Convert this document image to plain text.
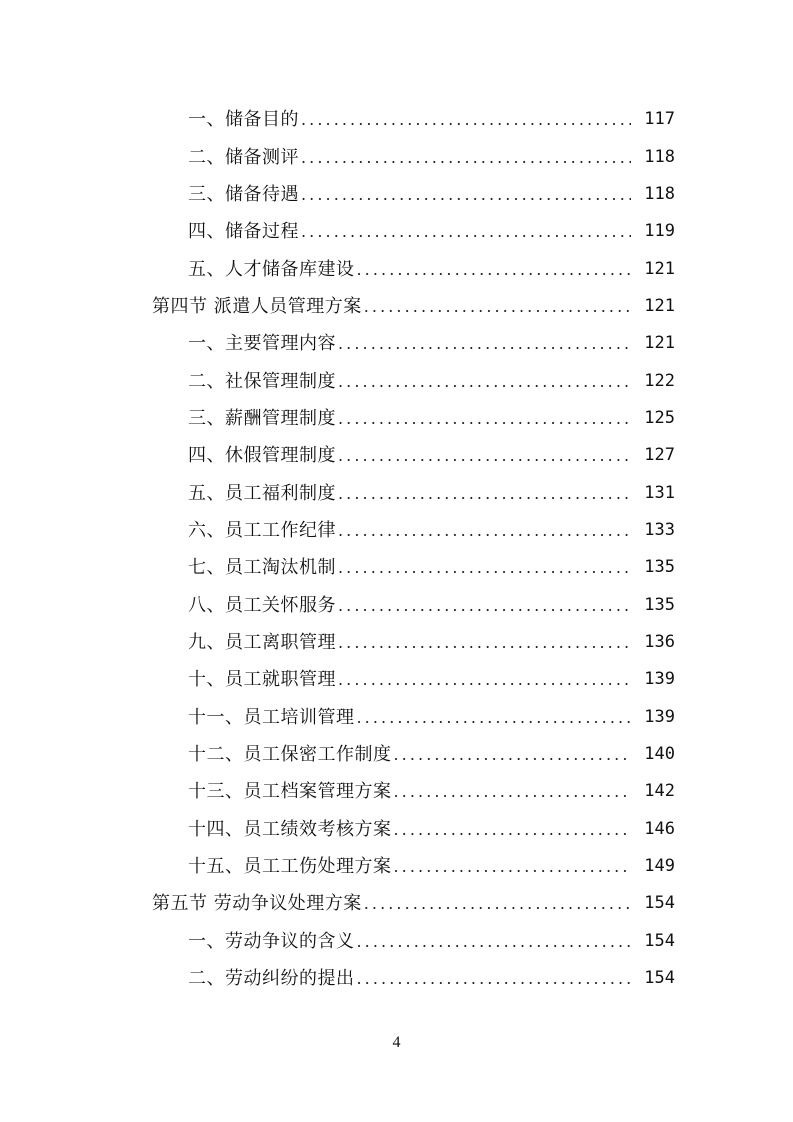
一、储备目的 . . .	117
二、储备测评 . . .	118
三、储备待遇 . . .	118
四、储备过程 . . .	119
五、人才储备库建设 . . .	121
第四节 派遣人员管理方案 . . .	121
一、主要管理内容 . . .	121
二、社保管理制度 . . .	122
三、薪酬管理制度 . . .	125
四、休假管理制度 . . .	127
五、员工福利制度 . . .	131
六、员工工作纪律 . . .	133
七、员工淘汰机制 . . .	135
八、员工关怀服务 . . .	135
九、员工离职管理 . . .	136
十、员工就职管理 . . .	139
十一、员工培训管理 . . .	139
十二、员工保密工作制度 . . .	140
十三、员工档案管理方案 . . .	142
十四、员工绩效考核方案 . . .	146
十五、员工工伤处理方案 . . .	149
第五节 劳动争议处理方案 . . .	154
一、劳动争议的含义 . . .	154
二、劳动纠纷的提出 . . .	154
4
